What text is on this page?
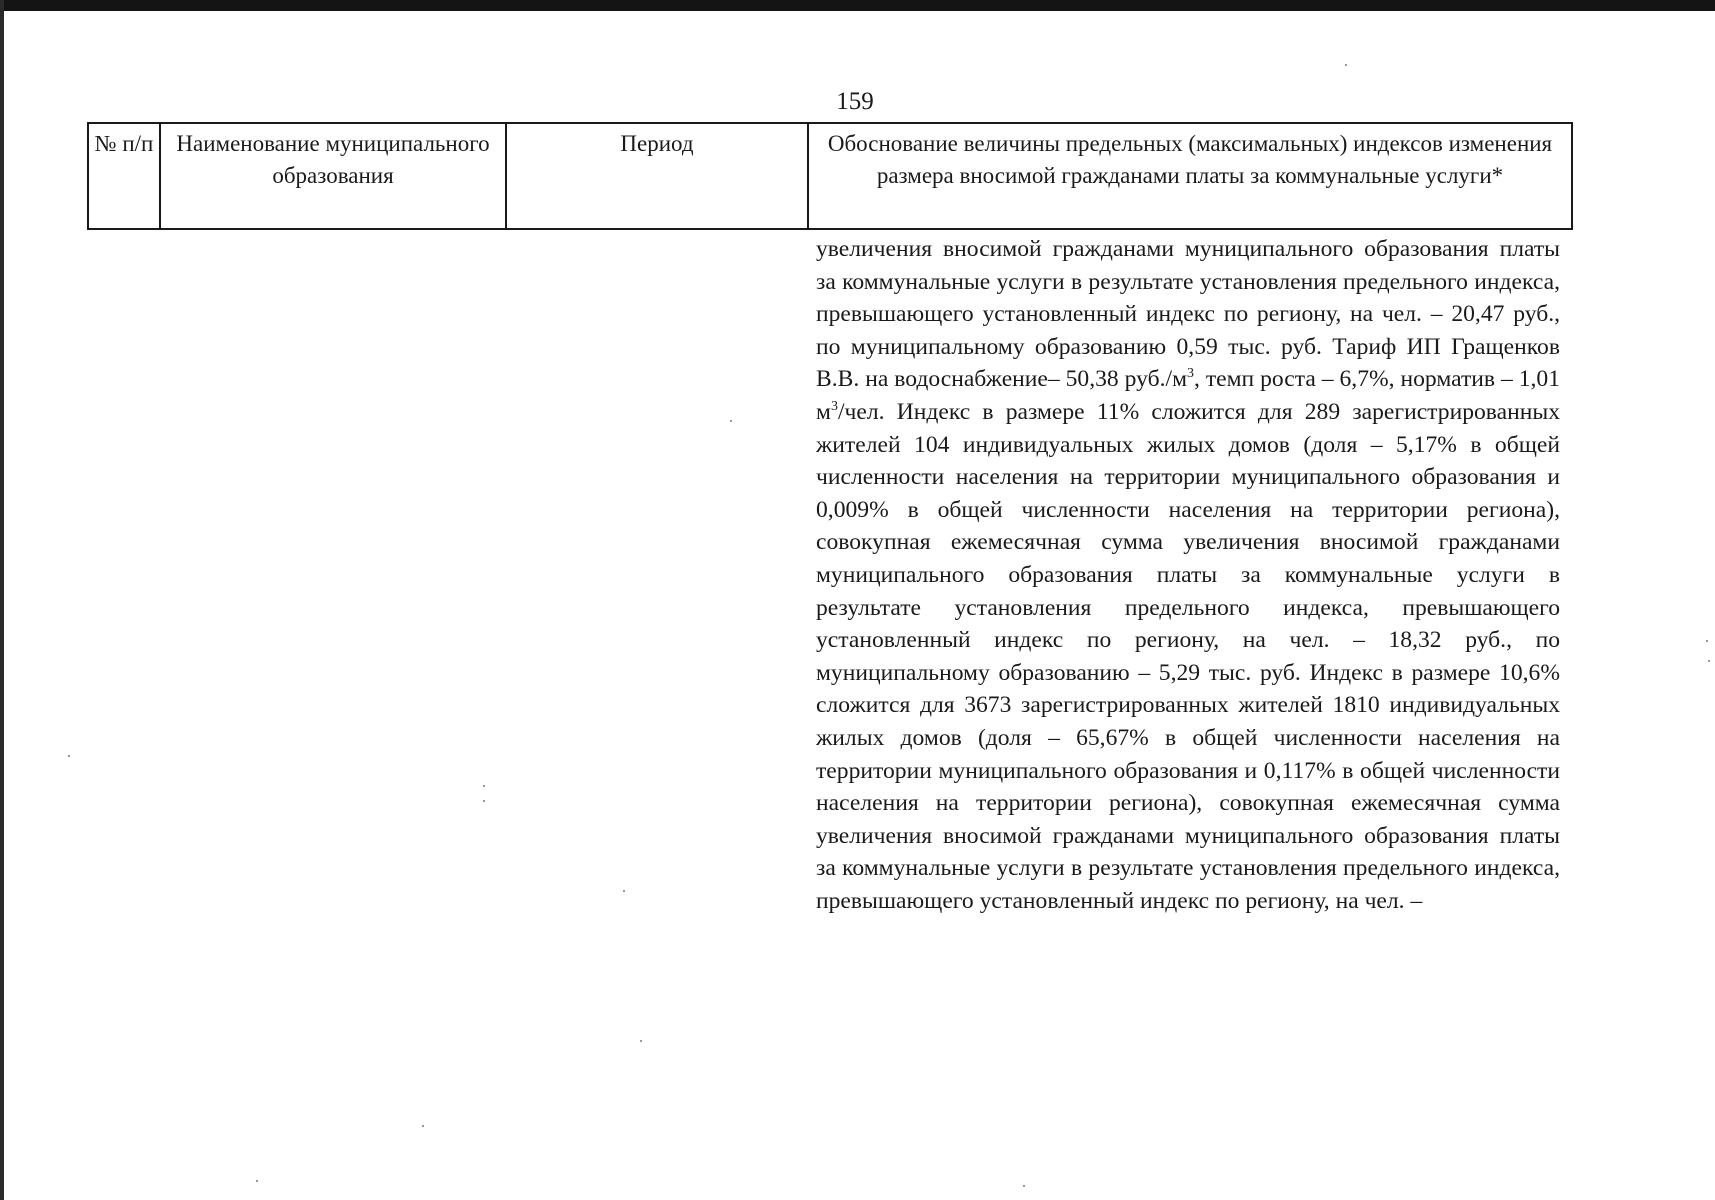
159
№ п/п	Наименование муниципального образования
Период	Обоснование величины предельных (максимальных) индексов изменения размера вносимой гражданами платы за коммунальные услуги*

увеличения вносимой гражданами муниципального образования платы за коммунальные услуги в результате установления предельного индекса, превышающего установленный индекс по региону, на чел. – 20,47 руб., по муниципальному образованию 0,59 тыс. руб. Тариф ИП Гращенков В.В. на водоснабжение– 50,38 $руб./м^3$, темп роста – 6,7%, норматив – 1,01 $м^3$/чел. Индекс в размере 11% сложится для 289 зарегистрированных жителей 104 индивидуальных жилых домов (доля – 5,17% в общей численности населения на территории муниципального образования и 0,009% в общей численности населения на территории региона), совокупная ежемесячная сумма увеличения вносимой гражданами муниципального образования платы за коммунальные услуги в результате установления предельного индекса, превышающего установленный индекс по региону, на чел. – 18,32 руб., по муниципальному образованию – 5,29 тыс. руб. Индекс в размере 10,6% сложится для 3673 зарегистрированных жителей 1810 индивидуальных жилых домов (доля – 65,67% в общей численности населения на территории муниципального образования и 0,117% в общей численности населения на территории региона), совокупная ежемесячная сумма увеличения вносимой гражданами муниципального образования платы за коммунальные услуги в результате установления предельного индекса, превышающего установленный индекс по региону, на чел. –
